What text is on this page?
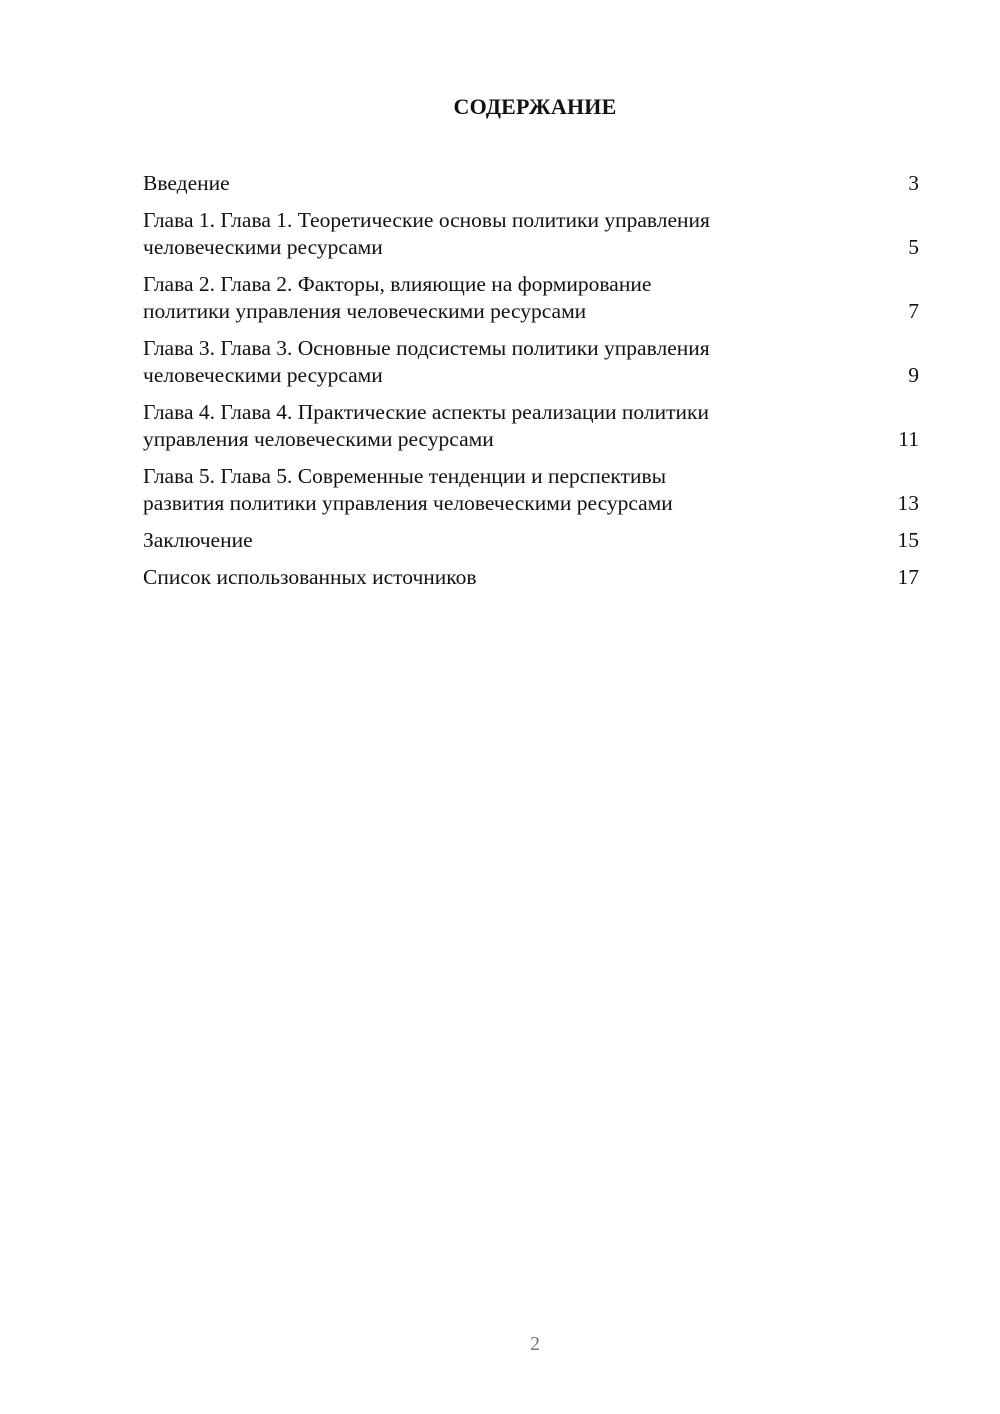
СОДЕРЖАНИЕ
Введение	3
Глава 1. Глава 1. Теоретические основы политики управления
человеческими ресурсами	5
Глава 2. Глава 2. Факторы, влияющие на формирование
политики управления человеческими ресурсами	7
Глава 3. Глава 3. Основные подсистемы политики управления
человеческими ресурсами	9
Глава 4. Глава 4. Практические аспекты реализации политики
управления человеческими ресурсами	11
Глава 5. Глава 5. Современные тенденции и перспективы
развития политики управления человеческими ресурсами	13
Заключение	15
Список использованных источников	17
2
